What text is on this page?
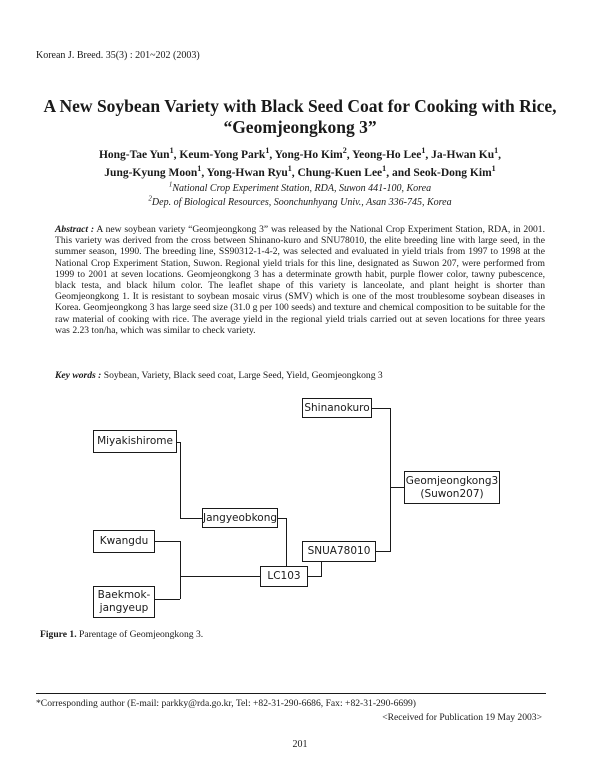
Korean J. Breed. 35(3) : 201~202 (2003)
A New Soybean Variety with Black Seed Coat for Cooking with Rice,
“Geomjeongkong 3”
Hong-Tae Yun$^1$, Keum-Yong Park$^1$, Yong-Ho Kim$^2$, Yeong-Ho Lee$^1$, Ja-Hwan Ku$^1$,
Jung-Kyung Moon$^1$, Yong-Hwan Ryu$^1$, Chung-Kuen Lee$^1$, and Seok-Dong Kim$^1$
$^1$National Crop Experiment Station, RDA, Suwon 441-100, Korea
$^2$Dep. of Biological Resources, Soonchunhyang Univ., Asan 336-745, Korea

Abstract : A new soybean variety “Geomjeongkong 3” was released by the National Crop Experiment Station, RDA, in 2001. This variety was derived from the cross between Shinano-kuro and SNU78010, the elite breeding line with large seed, in the summer season, 1990. The breeding line, SS90312-1-4-2, was selected and evaluated in yield trials from 1997 to 1998 at the National Crop Experiment Station, Suwon. Regional yield trials for this line, designated as Suwon 207, were performed from 1999 to 2001 at seven locations. Geomjeongkong 3 has a determinate growth habit, purple flower color, tawny pubescence, black testa, and black hilum color. The leaflet shape of this variety is lanceolate, and plant height is shorter than Geomjeongkong 1. It is resistant to soybean mosaic virus (SMV) which is one of the most troublesome soybean diseases in Korea. Geomjeongkong 3 has large seed size (31.0 g per 100 seeds) and texture and chemical composition to be suitable for the raw material of cooking with rice. The average yield in the regional yield trials carried out at seven locations for three years was 2.23 ton/ha, which was similar to check variety.

Key words : Soybean, Variety, Black seed coat, Large Seed, Yield, Geomjeongkong 3
Shinanokuro
Miyakishirome
Kwangdu
Baekmok-
jangyeup
Jangyeobkong
LC103
SNUA78010
Geomjeongkong3
(Suwon207)
Figure 1. Parentage of Geomjeongkong 3.
*Corresponding author (E-mail: parkky@rda.go.kr, Tel: +82-31-290-6686, Fax: +82-31-290-6699)
<Received for Publication 19 May 2003>
201
